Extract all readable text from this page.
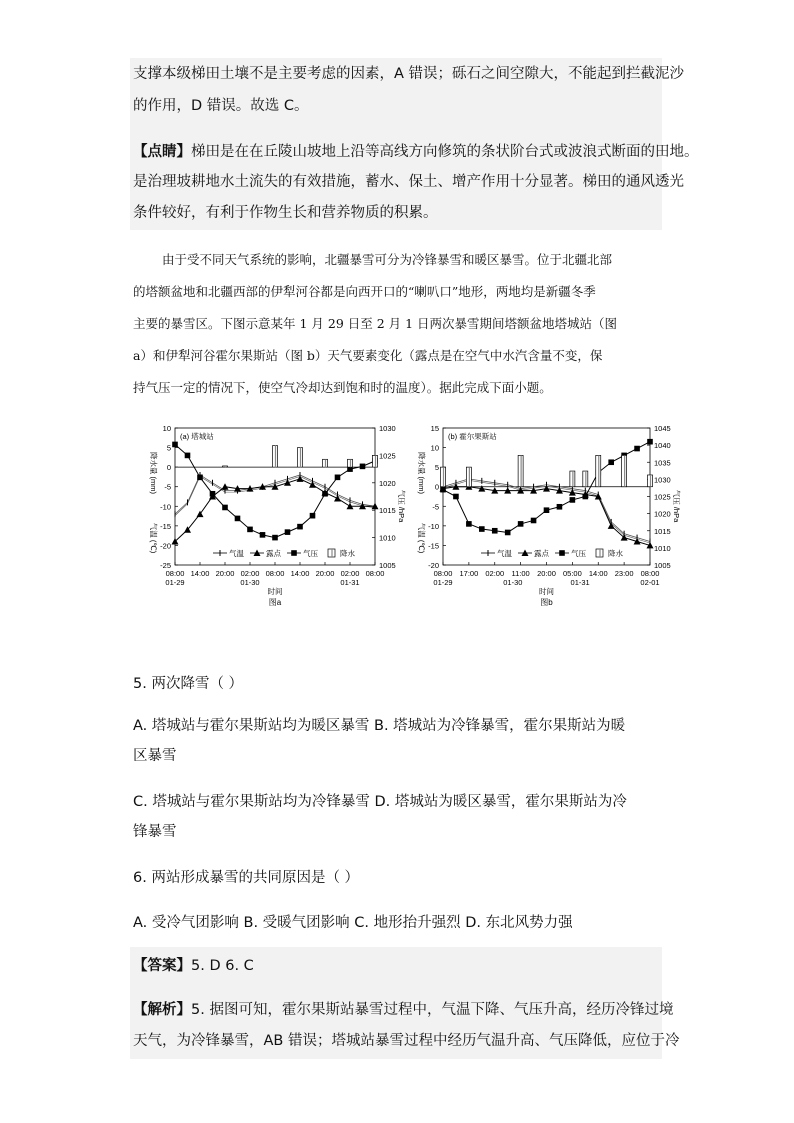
支撑本级梯田土壤不是主要考虑的因素，A 错误；砾石之间空隙大，不能起到拦截泥沙
的作用，D 错误。故选 C。
【点睛】梯田是在在丘陵山坡地上沿等高线方向修筑的条状阶台式或波浪式断面的田地。
是治理坡耕地水土流失的有效措施，蓄水、保土、增产作用十分显著。梯田的通风透光
条件较好，有利于作物生长和营养物质的积累。
由于受不同天气系统的影响，北疆暴雪可分为冷锋暴雪和暖区暴雪。位于北疆北部
的塔额盆地和北疆西部的伊犁河谷都是向西开口的“喇叭口”地形，两地均是新疆冬季
主要的暴雪区。下图示意某年 1 月 29 日至 2 月 1 日两次暴雪期间塔额盆地塔城站（图
a）和伊犁河谷霍尔果斯站（图 b）天气要素变化（露点是在空气中水汽含量不变，保
持气压一定的情况下，使空气冷却达到饱和时的温度）。据此完成下面小题。
10
5
0
-5
-10
-15
-20
-25
1030
1025
1020
1015
1010
1005
08:00 14:00 20:00 02:00 08:00 14:00 20:00 02:00 08:00
01-29	01-30	01-31
时间
图a
(a) 塔城站
降水量 (mm)
气温 (℃)
气压 /hPa
气温	露点	气压	降水
15
10
5
0
-5
-10
-15
-20
1045
1040
1035
1030
1025
1020
1015
1010
1005
08:00 17:00 02:00 11:00 20:00 05:00 14:00 23:00 08:00
01-29	01-30	01-31	02-01
时间
图b
(b) 霍尔果斯站
降水量 (mm)
气温 (℃)
气压 /hPa
气温	露点	气压	降水
5. 两次降雪（ ）
A. 塔城站与霍尔果斯站均为暖区暴雪 B. 塔城站为冷锋暴雪，霍尔果斯站为暖
区暴雪
C. 塔城站与霍尔果斯站均为冷锋暴雪 D. 塔城站为暖区暴雪，霍尔果斯站为冷
锋暴雪
6. 两站形成暴雪的共同原因是（ ）
A. 受冷气团影响 B. 受暖气团影响 C. 地形抬升强烈 D. 东北风势力强
【答案】5. D 6. C
【解析】5. 据图可知，霍尔果斯站暴雪过程中，气温下降、气压升高，经历冷锋过境
天气，为冷锋暴雪，AB 错误；塔城站暴雪过程中经历气温升高、气压降低，应位于冷
